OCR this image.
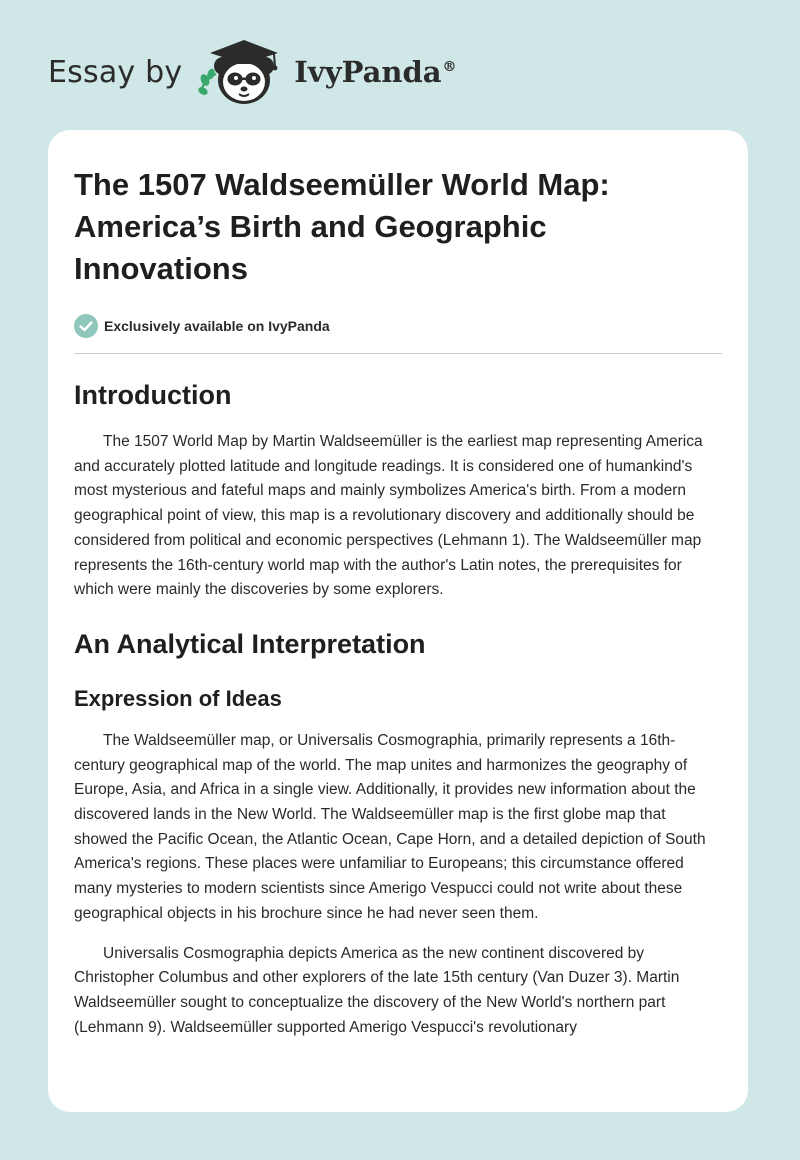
Essay by	IvyPanda®
The 1507 Waldseemüller World Map: America’s Birth and Geographic Innovations
Exclusively available on IvyPanda
Introduction

The 1507 World Map by Martin Waldseemüller is the earliest map representing America and accurately plotted latitude and longitude readings. It is considered one of humankind's most mysterious and fateful maps and mainly symbolizes America's birth. From a modern geographical point of view, this map is a revolutionary discovery and additionally should be considered from political and economic perspectives (Lehmann 1). The Waldseemüller map represents the 16th-century world map with the author's Latin notes, the prerequisites for which were mainly the discoveries by some explorers.

An Analytical Interpretation
Expression of Ideas

The Waldseemüller map, or Universalis Cosmographia, primarily represents a 16th-century geographical map of the world. The map unites and harmonizes the geography of Europe, Asia, and Africa in a single view. Additionally, it provides new information about the discovered lands in the New World. The Waldseemüller map is the first globe map that showed the Pacific Ocean, the Atlantic Ocean, Cape Horn, and a detailed depiction of South America's regions. These places were unfamiliar to Europeans; this circumstance offered many mysteries to modern scientists since Amerigo Vespucci could not write about these geographical objects in his brochure since he had never seen them.

Universalis Cosmographia depicts America as the new continent discovered by Christopher Columbus and other explorers of the late 15th century (Van Duzer 3). Martin Waldseemüller sought to conceptualize the discovery of the New World's northern part (Lehmann 9). Waldseemüller supported Amerigo Vespucci's revolutionary
